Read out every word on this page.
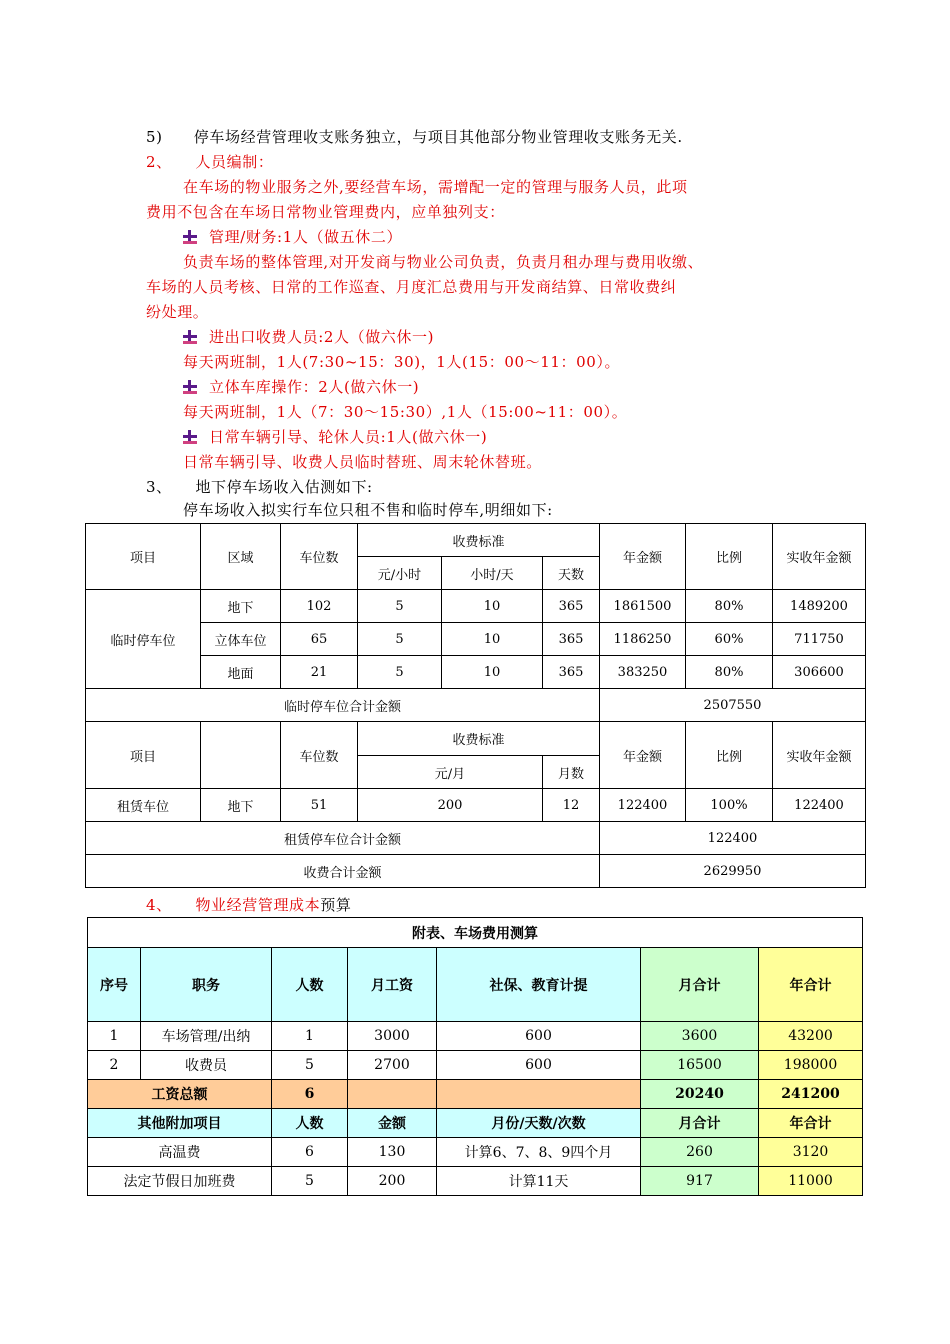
5)　　停车场经营管理收支账务独立，与项目其他部分物业管理收支账务无关.
2、　　人员编制：
在车场的物业服务之外,要经营车场，需增配一定的管理与服务人员，此项
费用不包含在车场日常物业管理费内，应单独列支：
管理/财务:1人（做五休二）
负责车场的整体管理,对开发商与物业公司负责，负责月租办理与费用收缴、
车场的人员考核、日常的工作巡查、月度汇总费用与开发商结算、日常收费纠
纷处理。
进出口收费人员:2人（做六休一)
每天两班制，1人(7:30~15：30)，1人(15：00～11：00）。
立体车库操作：2人(做六休一)
每天两班制，1人（7：30～15:30）,1人（15:00~11：00）。
日常车辆引导、轮休人员:1人(做六休一)
日常车辆引导、收费人员临时替班、周末轮休替班。
3、　　地下停车场收入估测如下:
停车场收入拟实行车位只租不售和临时停车,明细如下:
项目	区域	车位数	收费标准			年金额	比例	实收年金额
			元/小时	小时/天	天数			
临时停车位	地下	102	5	10	365	1861500	80%	1489200
	立体车位	65	5	10	365	1186250	60%	711750
	地面	21	5	10	365	383250	80%	306600
临时停车位合计金额						2507550		
项目		车位数	收费标准			年金额	比例	实收年金额
			元/月		月数			
租赁车位	地下	51	200		12	122400	100%	122400
租赁停车位合计金额						122400		
收费合计金额						2629950		
4、　　物业经营管理成本预算
附表、车场费用测算						
序号	职务	人数	月工资	社保、教育计提	月合计	年合计
1	车场管理/出纳	1	3000	600	3600	43200
2	收费员	5	2700	600	16500	198000
工资总额		6			20240	241200
其他附加项目		人数	金额	月份/天数/次数	月合计	年合计
高温费		6	130	计算6、7、8、9四个月	260	3120
法定节假日加班费		5	200	计算11天	917	11000
